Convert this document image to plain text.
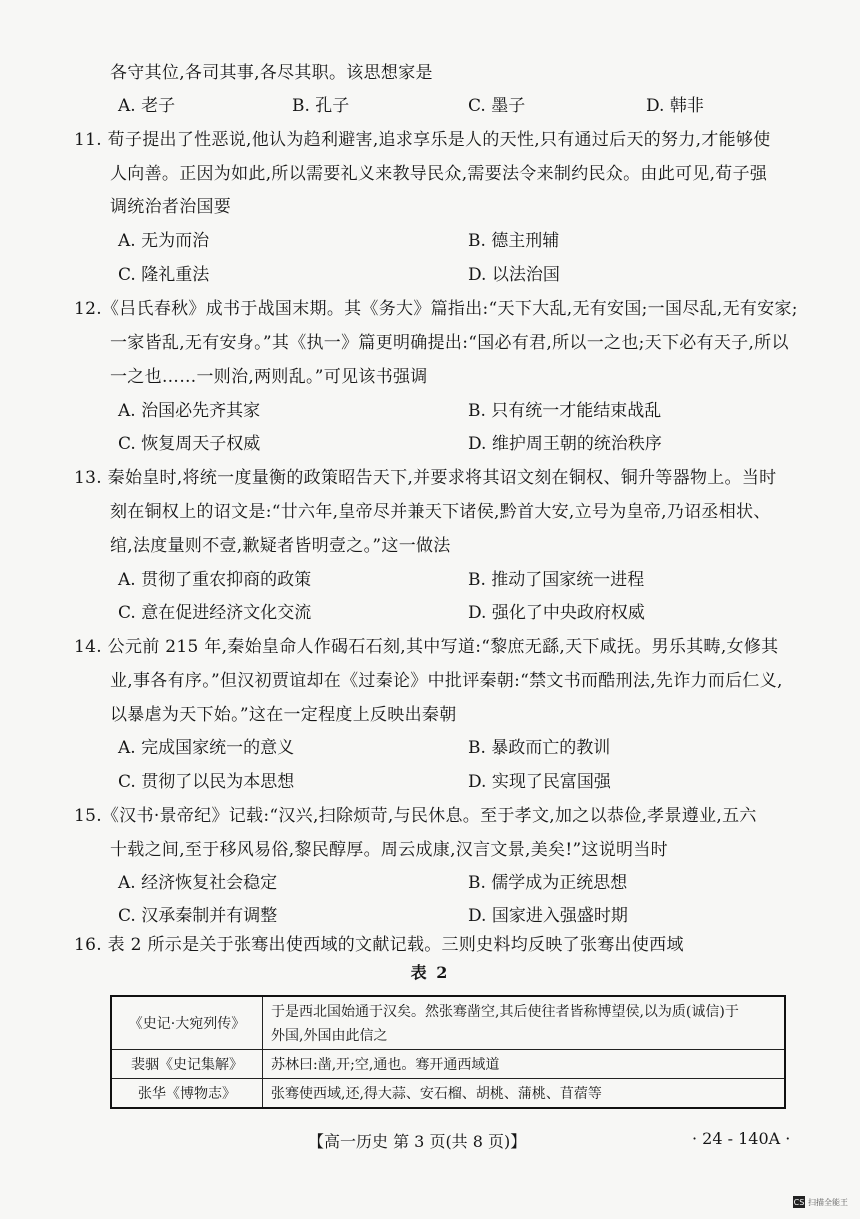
各守其位,各司其事,各尽其职。该思想家是
A. 老子	B. 孔子	C. 墨子	D. 韩非
11. 荀子提出了性恶说,他认为趋利避害,追求享乐是人的天性,只有通过后天的努力,才能够使
人向善。正因为如此,所以需要礼义来教导民众,需要法令来制约民众。由此可见,荀子强
调统治者治国要
A. 无为而治	B. 德主刑辅
C. 隆礼重法	D. 以法治国
12.《吕氏春秋》成书于战国末期。其《务大》篇指出:“天下大乱,无有安国;一国尽乱,无有安家;
一家皆乱,无有安身。”其《执一》篇更明确提出:“国必有君,所以一之也;天下必有天子,所以
一之也……一则治,两则乱。”可见该书强调
A. 治国必先齐其家	B. 只有统一才能结束战乱
C. 恢复周天子权威	D. 维护周王朝的统治秩序
13. 秦始皇时,将统一度量衡的政策昭告天下,并要求将其诏文刻在铜权、铜升等器物上。当时
刻在铜权上的诏文是:“廿六年,皇帝尽并兼天下诸侯,黔首大安,立号为皇帝,乃诏丞相状、
绾,法度量则不壹,歉疑者皆明壹之。”这一做法
A. 贯彻了重农抑商的政策	B. 推动了国家统一进程
C. 意在促进经济文化交流	D. 强化了中央政府权威
14. 公元前 215 年,秦始皇命人作碣石石刻,其中写道:“黎庶无繇,天下咸抚。男乐其畴,女修其
业,事各有序。”但汉初贾谊却在《过秦论》中批评秦朝:“禁文书而酷刑法,先诈力而后仁义,
以暴虐为天下始。”这在一定程度上反映出秦朝
A. 完成国家统一的意义	B. 暴政而亡的教训
C. 贯彻了以民为本思想	D. 实现了民富国强
15.《汉书·景帝纪》记载:“汉兴,扫除烦苛,与民休息。至于孝文,加之以恭俭,孝景遵业,五六
十载之间,至于移风易俗,黎民醇厚。周云成康,汉言文景,美矣!”这说明当时
A. 经济恢复社会稳定	B. 儒学成为正统思想
C. 汉承秦制并有调整	D. 国家进入强盛时期
16. 表 2 所示是关于张骞出使西域的文献记载。三则史料均反映了张骞出使西域
表 2
《史记·大宛列传》	于是西北国始通于汉矣。然张骞凿空,其后使往者皆称博望侯,以为质(诚信)于
外国,外国由此信之

裴骃《史记集解》	苏林曰:凿,开;空,通也。骞开通西域道
张华《博物志》	张骞使西域,还,得大蒜、安石榴、胡桃、蒲桃、苜蓿等
【高一历史 第 3 页(共 8 页)】	· 24 - 140A ·
CS 扫描全能王
